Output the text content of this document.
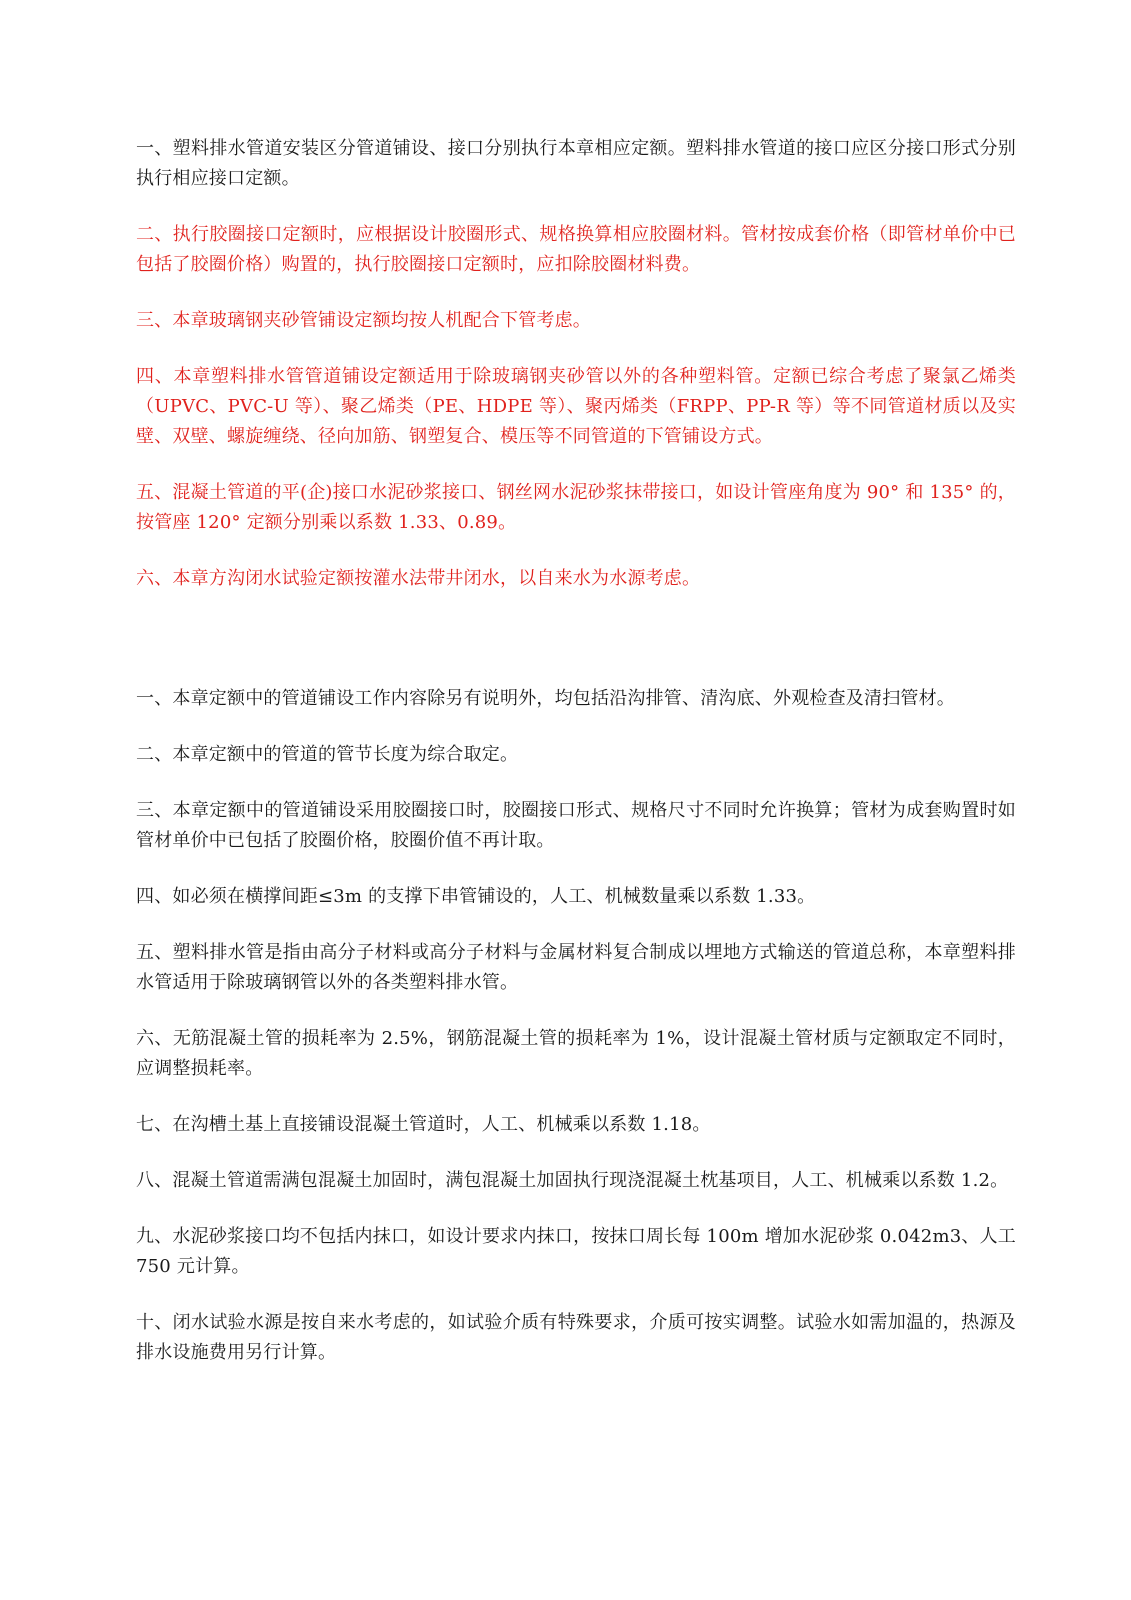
一、塑料排水管道安装区分管道铺设、接口分别执行本章相应定额。塑料排水管道的接口应区分接口形式分别执行相应接口定额。

二、执行胶圈接口定额时，应根据设计胶圈形式、规格换算相应胶圈材料。管材按成套价格（即管材单价中已包括了胶圈价格）购置的，执行胶圈接口定额时，应扣除胶圈材料费。

三、本章玻璃钢夹砂管铺设定额均按人机配合下管考虑。

四、本章塑料排水管管道铺设定额适用于除玻璃钢夹砂管以外的各种塑料管。定额已综合考虑了聚氯乙烯类（UPVC、PVC-U 等）、聚乙烯类（PE、HDPE 等）、聚丙烯类（FRPP、PP-R 等）等不同管道材质以及实壁、双壁、螺旋缠绕、径向加筋、钢塑复合、模压等不同管道的下管铺设方式。

五、混凝土管道的平(企)接口水泥砂浆接口、钢丝网水泥砂浆抹带接口，如设计管座角度为 90° 和 135° 的，按管座 120° 定额分别乘以系数 1.33、0.89。

六、本章方沟闭水试验定额按灌水法带井闭水，以自来水为水源考虑。

一、本章定额中的管道铺设工作内容除另有说明外，均包括沿沟排管、清沟底、外观检查及清扫管材。

二、本章定额中的管道的管节长度为综合取定。

三、本章定额中的管道铺设采用胶圈接口时，胶圈接口形式、规格尺寸不同时允许换算；管材为成套购置时如管材单价中已包括了胶圈价格，胶圈价值不再计取。

四、如必须在横撑间距≤3m 的支撑下串管铺设的，人工、机械数量乘以系数 1.33。

五、塑料排水管是指由高分子材料或高分子材料与金属材料复合制成以埋地方式输送的管道总称，本章塑料排水管适用于除玻璃钢管以外的各类塑料排水管。

六、无筋混凝土管的损耗率为 2.5%，钢筋混凝土管的损耗率为 1%，设计混凝土管材质与定额取定不同时，应调整损耗率。

七、在沟槽土基上直接铺设混凝土管道时，人工、机械乘以系数 1.18。

八、混凝土管道需满包混凝土加固时，满包混凝土加固执行现浇混凝土枕基项目，人工、机械乘以系数 1.2。

九、水泥砂浆接口均不包括内抹口，如设计要求内抹口，按抹口周长每 100m 增加水泥砂浆 0.042m3、人工 750 元计算。

十、闭水试验水源是按自来水考虑的，如试验介质有特殊要求，介质可按实调整。试验水如需加温的，热源及排水设施费用另行计算。
